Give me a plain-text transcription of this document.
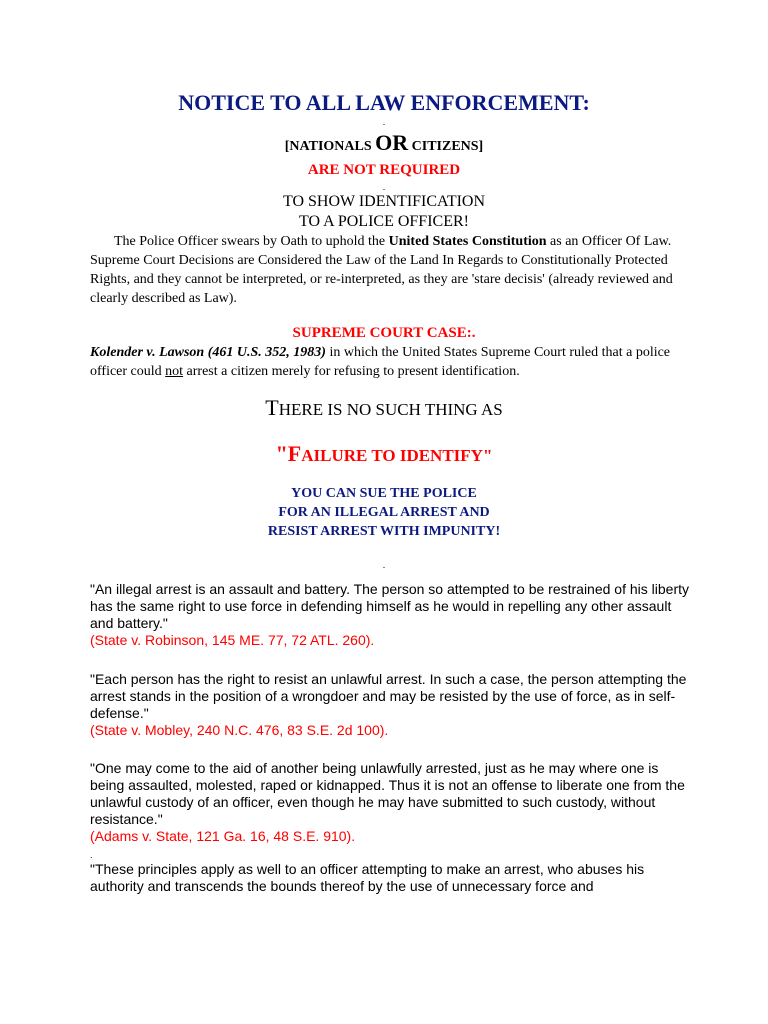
NOTICE TO ALL LAW ENFORCEMENT:
.
[NATIONALS OR CITIZENS]
ARE NOT REQUIRED
.
TO SHOW IDENTIFICATION
TO A POLICE OFFICER!
The Police Officer swears by Oath to uphold the United States Constitution as an Officer Of Law. Supreme Court Decisions are Considered the Law of the Land In Regards to Constitutionally Protected Rights, and they cannot be interpreted, or re-interpreted, as they are 'stare decisis' (already reviewed and clearly described as Law).
SUPREME COURT CASE:.
Kolender v. Lawson (461 U.S. 352, 1983) in which the United States Supreme Court ruled that a police officer could not arrest a citizen merely for refusing to present identification.
THERE IS NO SUCH THING AS
"FAILURE TO IDENTIFY"
YOU CAN SUE THE POLICE
FOR AN ILLEGAL ARREST AND
RESIST ARREST WITH IMPUNITY!
.
"An illegal arrest is an assault and battery. The person so attempted to be restrained of his liberty has the same right to use force in defending himself as he would in repelling any other assault and battery."
(State v. Robinson, 145 ME. 77, 72 ATL. 260).
"Each person has the right to resist an unlawful arrest. In such a case, the person attempting the arrest stands in the position of a wrongdoer and may be resisted by the use of force, as in self- defense."
(State v. Mobley, 240 N.C. 476, 83 S.E. 2d 100).
"One may come to the aid of another being unlawfully arrested, just as he may where one is being assaulted, molested, raped or kidnapped. Thus it is not an offense to liberate one from the unlawful custody of an officer, even though he may have submitted to such custody, without resistance."
(Adams v. State, 121 Ga. 16, 48 S.E. 910).
.
"These principles apply as well to an officer attempting to make an arrest, who abuses his authority and transcends the bounds thereof by the use of unnecessary force and
